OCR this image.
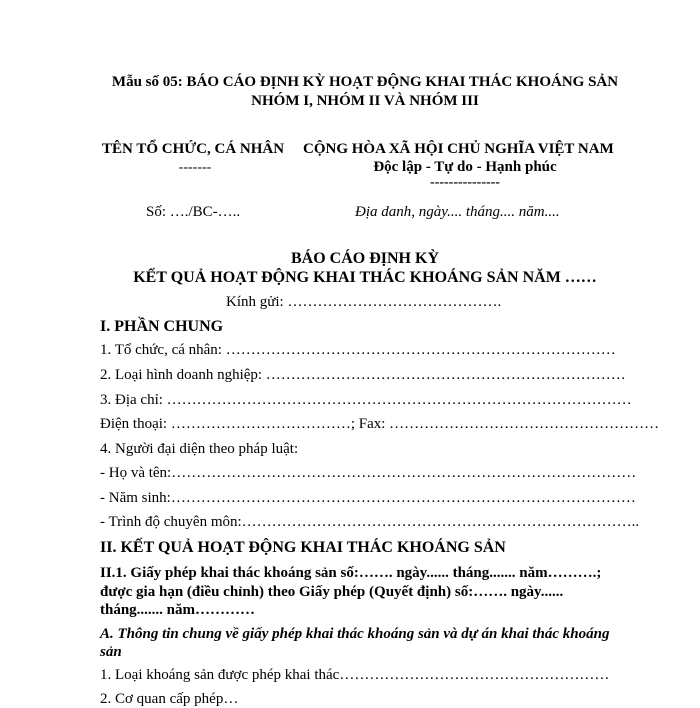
Mẫu số 05: BÁO CÁO ĐỊNH KỲ HOẠT ĐỘNG KHAI THÁC KHOÁNG SẢN
NHÓM I, NHÓM II VÀ NHÓM III
TÊN TỔ CHỨC, CÁ NHÂN
-------
Số: …./BC-…..
CỘNG HÒA XÃ HỘI CHỦ NGHĨA VIỆT NAM
Độc lập - Tự do - Hạnh phúc
---------------
Địa danh, ngày.... tháng.... năm....
BÁO CÁO ĐỊNH KỲ
KẾT QUẢ HOẠT ĐỘNG KHAI THÁC KHOÁNG SẢN NĂM ……
Kính gửi: …………………………………….
I. PHẦN CHUNG
1. Tổ chức, cá nhân: ……………………………………………………………………
2. Loại hình doanh nghiệp: ………………………………………………………………
3. Địa chỉ: …………………………………………………………………………………
Điện thoại: ………………………………; Fax: ………………………………………………
4. Người đại diện theo pháp luật:
- Họ và tên:…………………………………………………………………………………
- Năm sinh:…………………………………………………………………………………
- Trình độ chuyên môn:……………………………………………………………………..
II. KẾT QUẢ HOẠT ĐỘNG KHAI THÁC KHOÁNG SẢN
II.1. Giấy phép khai thác khoáng sản số:……. ngày...... tháng....... năm……….;
được gia hạn (điều chỉnh) theo Giấy phép (Quyết định) số:……. ngày......
tháng....... năm…………
A. Thông tin chung về giấy phép khai thác khoáng sản và dự án khai thác khoáng
sản
1. Loại khoáng sản được phép khai thác………………………………………………
2. Cơ quan cấp phép…
